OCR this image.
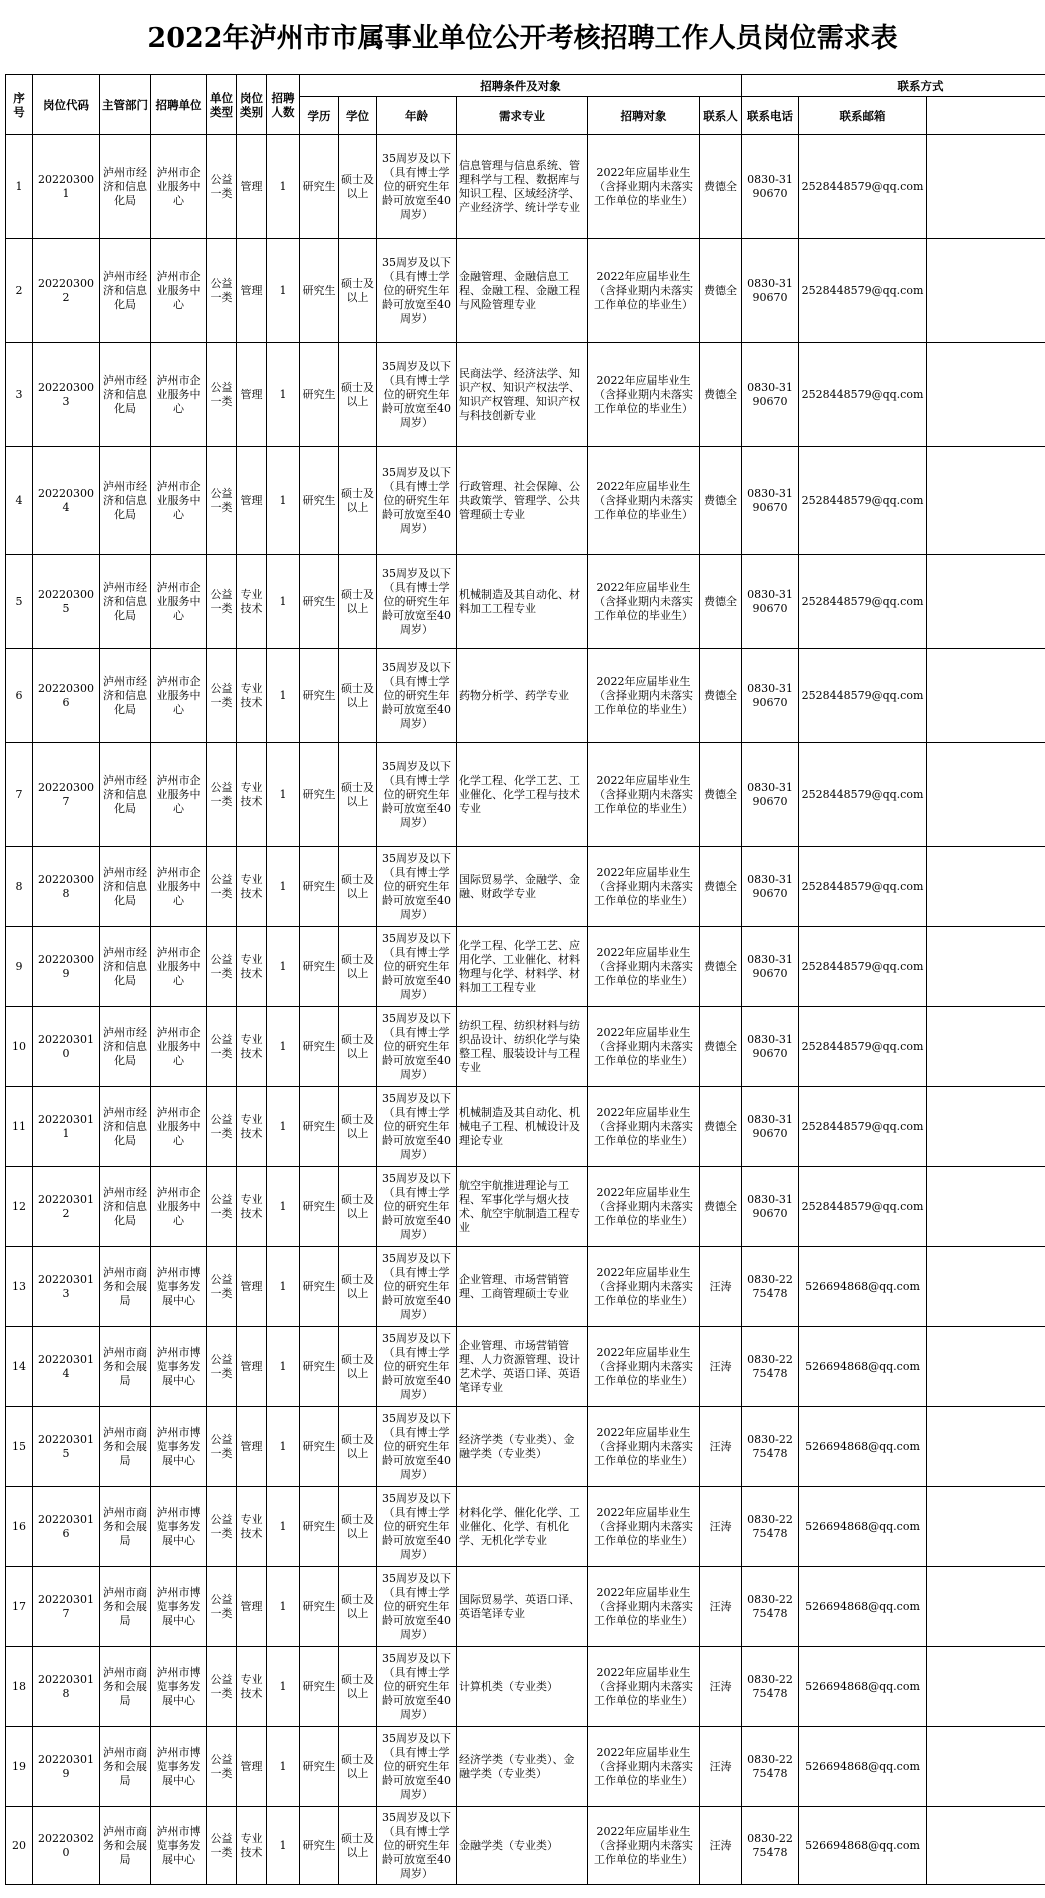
2022年泸州市市属事业单位公开考核招聘工作人员岗位需求表
序号	岗位代码	主管部门	招聘单位	单位类型	岗位类别	招聘人数	招聘条件及对象						联系方式	
							学历	学位	年龄	需求专业	招聘对象	联系人	联系电话	联系邮箱		
1	202203001	泸州市经济和信息化局	泸州市企业服务中心	公益一类	管理	1	研究生	硕士及以上	35周岁及以下（具有博士学位的研究生年龄可放宽至40周岁）	信息管理与信息系统、管理科学与工程、数据库与知识工程、区域经济学、产业经济学、统计学专业	2022年应届毕业生（含择业期内未落实工作单位的毕业生）	费德全	0830-3190670	2528448579@qq.com		
2	202203002	泸州市经济和信息化局	泸州市企业服务中心	公益一类	管理	1	研究生	硕士及以上	35周岁及以下（具有博士学位的研究生年龄可放宽至40周岁）	金融管理、金融信息工程、金融工程、金融工程与风险管理专业	2022年应届毕业生（含择业期内未落实工作单位的毕业生）	费德全	0830-3190670	2528448579@qq.com		
3	202203003	泸州市经济和信息化局	泸州市企业服务中心	公益一类	管理	1	研究生	硕士及以上	35周岁及以下（具有博士学位的研究生年龄可放宽至40周岁）	民商法学、经济法学、知识产权、知识产权法学、知识产权管理、知识产权与科技创新专业	2022年应届毕业生（含择业期内未落实工作单位的毕业生）	费德全	0830-3190670	2528448579@qq.com		
4	202203004	泸州市经济和信息化局	泸州市企业服务中心	公益一类	管理	1	研究生	硕士及以上	35周岁及以下（具有博士学位的研究生年龄可放宽至40周岁）	行政管理、社会保障、公共政策学、管理学、公共管理硕士专业	2022年应届毕业生（含择业期内未落实工作单位的毕业生）	费德全	0830-3190670	2528448579@qq.com		
5	202203005	泸州市经济和信息化局	泸州市企业服务中心	公益一类	专业技术	1	研究生	硕士及以上	35周岁及以下（具有博士学位的研究生年龄可放宽至40周岁）	机械制造及其自动化、材料加工工程专业	2022年应届毕业生（含择业期内未落实工作单位的毕业生）	费德全	0830-3190670	2528448579@qq.com		
6	202203006	泸州市经济和信息化局	泸州市企业服务中心	公益一类	专业技术	1	研究生	硕士及以上	35周岁及以下（具有博士学位的研究生年龄可放宽至40周岁）	药物分析学、药学专业	2022年应届毕业生（含择业期内未落实工作单位的毕业生）	费德全	0830-3190670	2528448579@qq.com		
7	202203007	泸州市经济和信息化局	泸州市企业服务中心	公益一类	专业技术	1	研究生	硕士及以上	35周岁及以下（具有博士学位的研究生年龄可放宽至40周岁）	化学工程、化学工艺、工业催化、化学工程与技术专业	2022年应届毕业生（含择业期内未落实工作单位的毕业生）	费德全	0830-3190670	2528448579@qq.com		
8	202203008	泸州市经济和信息化局	泸州市企业服务中心	公益一类	专业技术	1	研究生	硕士及以上	35周岁及以下（具有博士学位的研究生年龄可放宽至40周岁）	国际贸易学、金融学、金融、财政学专业	2022年应届毕业生（含择业期内未落实工作单位的毕业生）	费德全	0830-3190670	2528448579@qq.com		
9	202203009	泸州市经济和信息化局	泸州市企业服务中心	公益一类	专业技术	1	研究生	硕士及以上	35周岁及以下（具有博士学位的研究生年龄可放宽至40周岁）	化学工程、化学工艺、应用化学、工业催化、材料物理与化学、材料学、材料加工工程专业	2022年应届毕业生（含择业期内未落实工作单位的毕业生）	费德全	0830-3190670	2528448579@qq.com		
10	202203010	泸州市经济和信息化局	泸州市企业服务中心	公益一类	专业技术	1	研究生	硕士及以上	35周岁及以下（具有博士学位的研究生年龄可放宽至40周岁）	纺织工程、纺织材料与纺织品设计、纺织化学与染整工程、服装设计与工程专业	2022年应届毕业生（含择业期内未落实工作单位的毕业生）	费德全	0830-3190670	2528448579@qq.com		
11	202203011	泸州市经济和信息化局	泸州市企业服务中心	公益一类	专业技术	1	研究生	硕士及以上	35周岁及以下（具有博士学位的研究生年龄可放宽至40周岁）	机械制造及其自动化、机械电子工程、机械设计及理论专业	2022年应届毕业生（含择业期内未落实工作单位的毕业生）	费德全	0830-3190670	2528448579@qq.com		
12	202203012	泸州市经济和信息化局	泸州市企业服务中心	公益一类	专业技术	1	研究生	硕士及以上	35周岁及以下（具有博士学位的研究生年龄可放宽至40周岁）	航空宇航推进理论与工程、军事化学与烟火技术、航空宇航制造工程专业	2022年应届毕业生（含择业期内未落实工作单位的毕业生）	费德全	0830-3190670	2528448579@qq.com		
13	202203013	泸州市商务和会展局	泸州市博览事务发展中心	公益一类	管理	1	研究生	硕士及以上	35周岁及以下（具有博士学位的研究生年龄可放宽至40周岁）	企业管理、市场营销管理、工商管理硕士专业	2022年应届毕业生（含择业期内未落实工作单位的毕业生）	汪涛	0830-2275478	526694868@qq.com		
14	202203014	泸州市商务和会展局	泸州市博览事务发展中心	公益一类	管理	1	研究生	硕士及以上	35周岁及以下（具有博士学位的研究生年龄可放宽至40周岁）	企业管理、市场营销管理、人力资源管理、设计艺术学、英语口译、英语笔译专业	2022年应届毕业生（含择业期内未落实工作单位的毕业生）	汪涛	0830-2275478	526694868@qq.com		
15	202203015	泸州市商务和会展局	泸州市博览事务发展中心	公益一类	管理	1	研究生	硕士及以上	35周岁及以下（具有博士学位的研究生年龄可放宽至40周岁）	经济学类（专业类）、金融学类（专业类）	2022年应届毕业生（含择业期内未落实工作单位的毕业生）	汪涛	0830-2275478	526694868@qq.com		
16	202203016	泸州市商务和会展局	泸州市博览事务发展中心	公益一类	专业技术	1	研究生	硕士及以上	35周岁及以下（具有博士学位的研究生年龄可放宽至40周岁）	材料化学、催化化学、工业催化、化学、有机化学、无机化学专业	2022年应届毕业生（含择业期内未落实工作单位的毕业生）	汪涛	0830-2275478	526694868@qq.com		
17	202203017	泸州市商务和会展局	泸州市博览事务发展中心	公益一类	管理	1	研究生	硕士及以上	35周岁及以下（具有博士学位的研究生年龄可放宽至40周岁）	国际贸易学、英语口译、英语笔译专业	2022年应届毕业生（含择业期内未落实工作单位的毕业生）	汪涛	0830-2275478	526694868@qq.com		
18	202203018	泸州市商务和会展局	泸州市博览事务发展中心	公益一类	专业技术	1	研究生	硕士及以上	35周岁及以下（具有博士学位的研究生年龄可放宽至40周岁）	计算机类（专业类）	2022年应届毕业生（含择业期内未落实工作单位的毕业生）	汪涛	0830-2275478	526694868@qq.com		
19	202203019	泸州市商务和会展局	泸州市博览事务发展中心	公益一类	管理	1	研究生	硕士及以上	35周岁及以下（具有博士学位的研究生年龄可放宽至40周岁）	经济学类（专业类）、金融学类（专业类）	2022年应届毕业生（含择业期内未落实工作单位的毕业生）	汪涛	0830-2275478	526694868@qq.com		
20	202203020	泸州市商务和会展局	泸州市博览事务发展中心	公益一类	专业技术	1	研究生	硕士及以上	35周岁及以下（具有博士学位的研究生年龄可放宽至40周岁）	金融学类（专业类）	2022年应届毕业生（含择业期内未落实工作单位的毕业生）	汪涛	0830-2275478	526694868@qq.com		
